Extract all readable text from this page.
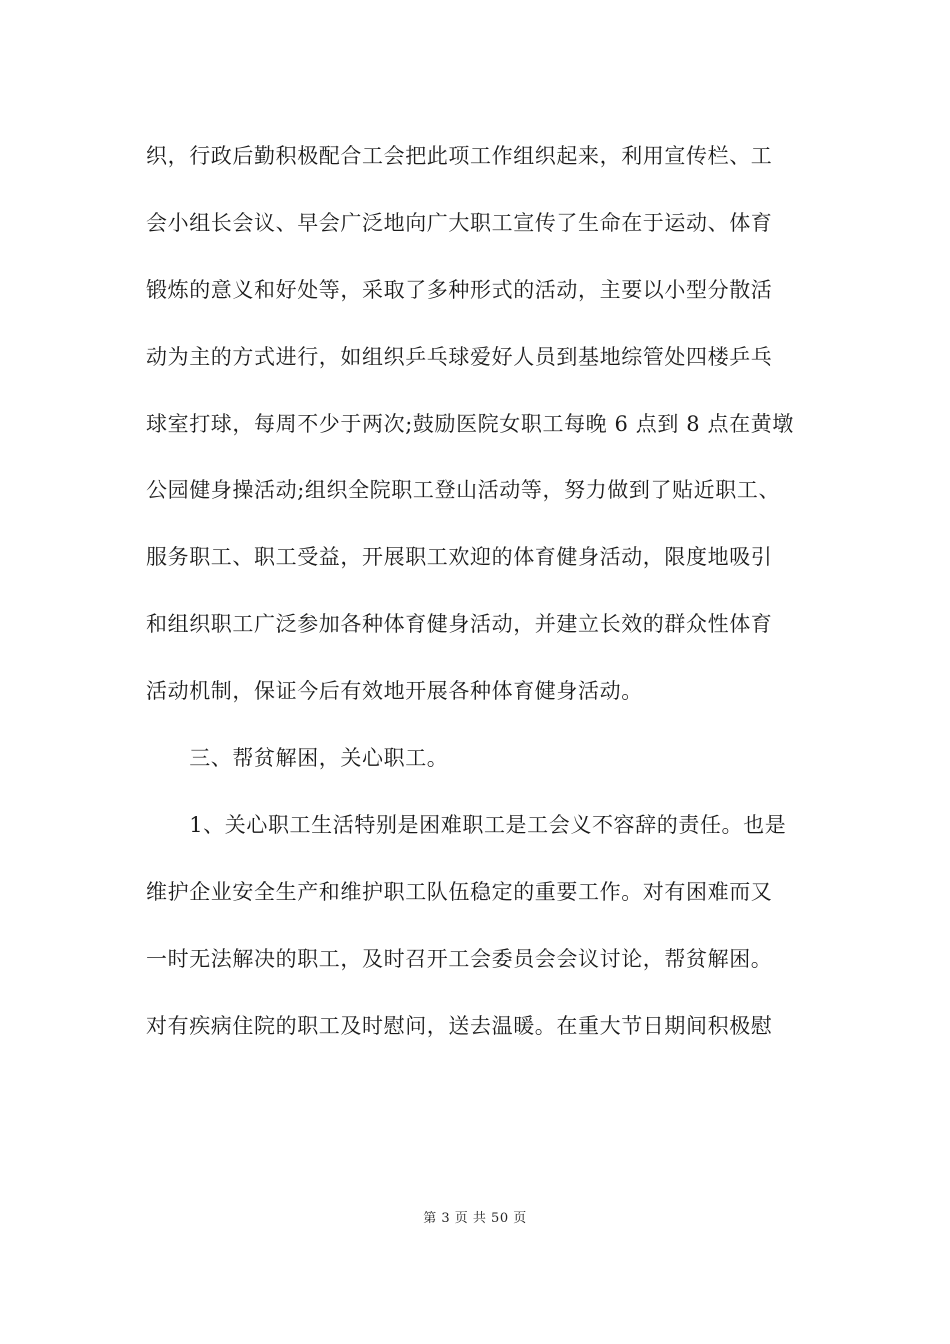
织，行政后勤积极配合工会把此项工作组织起来，利用宣传栏、工
会小组长会议、早会广泛地向广大职工宣传了生命在于运动、体育
锻炼的意义和好处等，采取了多种形式的活动，主要以小型分散活
动为主的方式进行，如组织乒乓球爱好人员到基地综管处四楼乒乓
球室打球，每周不少于两次;鼓励医院女职工每晚 6 点到 8 点在黄墩
公园健身操活动;组织全院职工登山活动等，努力做到了贴近职工、
服务职工、职工受益，开展职工欢迎的体育健身活动，限度地吸引
和组织职工广泛参加各种体育健身活动，并建立长效的群众性体育
活动机制，保证今后有效地开展各种体育健身活动。
　　三、帮贫解困，关心职工。
　　1、关心职工生活特别是困难职工是工会义不容辞的责任。也是
维护企业安全生产和维护职工队伍稳定的重要工作。对有困难而又
一时无法解决的职工，及时召开工会委员会会议讨论，帮贫解困。
对有疾病住院的职工及时慰问，送去温暖。在重大节日期间积极慰
第 3 页 共 50 页
